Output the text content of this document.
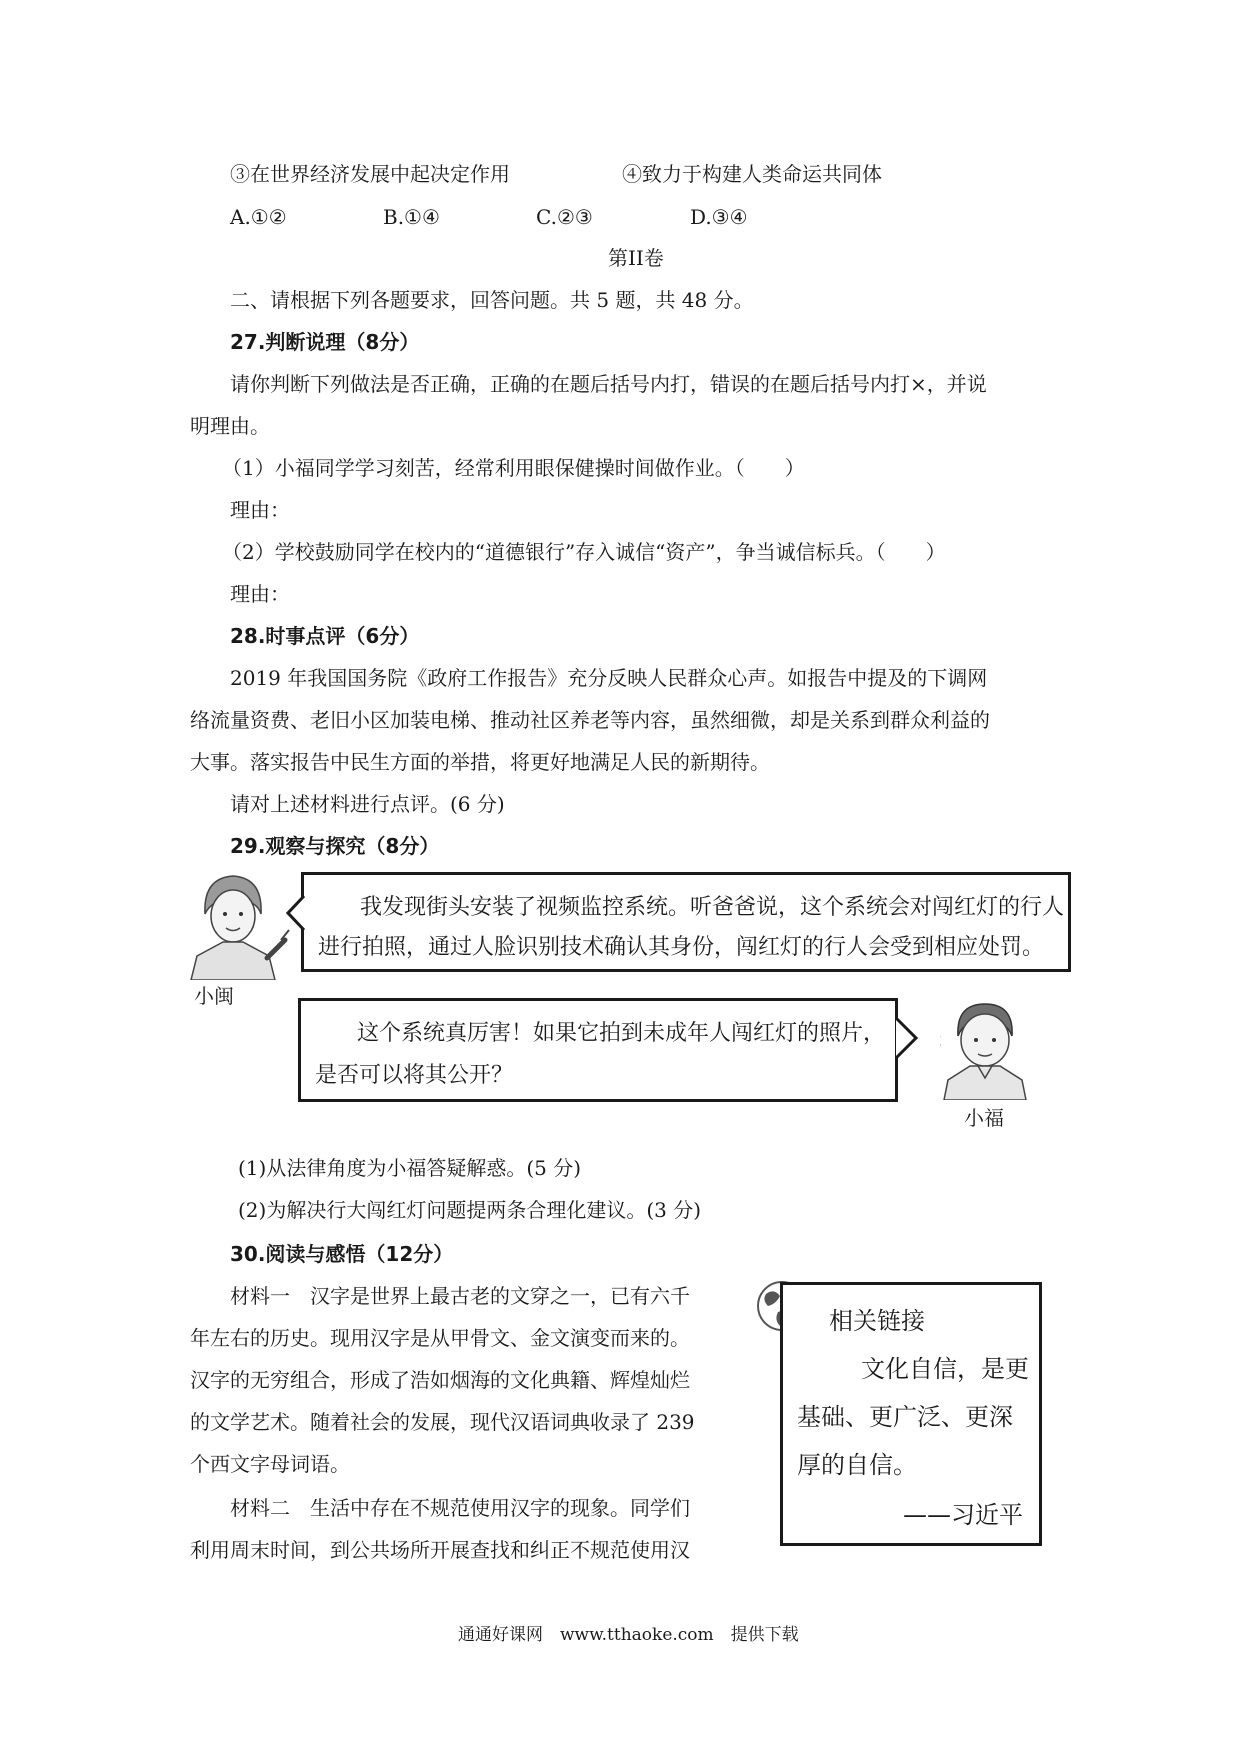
③在世界经济发展中起决定作用	④致力于构建人类命运共同体
A.①②	B.①④	C.②③	D.③④
第II卷
二、请根据下列各题要求，回答问题。共 5 题，共 48 分。
27.判断说理（8分）
请你判断下列做法是否正确，正确的在题后括号内打，错误的在题后括号内打×，并说
明理由。
（1）小福同学学习刻苦，经常利用眼保健操时间做作业。（　　）
理由：
（2）学校鼓励同学在校内的“道德银行”存入诚信“资产”，争当诚信标兵。（　　）
理由：
28.时事点评（6分）
2019 年我国国务院《政府工作报告》充分反映人民群众心声。如报告中提及的下调网
络流量资费、老旧小区加装电梯、推动社区养老等内容，虽然细微，却是关系到群众利益的
大事。落实报告中民生方面的举措，将更好地满足人民的新期待。
请对上述材料进行点评。(6 分)
29.观察与探究（8分）
小闽
我发现街头安装了视频监控系统。听爸爸说，这个系统会对闯红灯的行人
进行拍照，通过人脸识别技术确认其身份，闯红灯的行人会受到相应处罚。
这个系统真厉害！如果它拍到未成年人闯红灯的照片，
是否可以将其公开？
小福
(1)从法律角度为小福答疑解惑。(5 分)
(2)为解决行大闯红灯问题提两条合理化建议。(3 分)
30.阅读与感悟（12分）
材料一　汉字是世界上最古老的文穿之一，已有六千
年左右的历史。现用汉字是从甲骨文、金文演变而来的。
汉字的无穷组合，形成了浩如烟海的文化典籍、辉煌灿烂
的文学艺术。随着社会的发展，现代汉语词典收录了 239
个西文字母词语。
材料二　生活中存在不规范使用汉字的现象。同学们
利用周末时间，到公共场所开展查找和纠正不规范使用汉
相关链接
文化自信，是更
基础、更广泛、更深
厚的自信。
——习近平
通通好课网　www.tthaoke.com　提供下载
